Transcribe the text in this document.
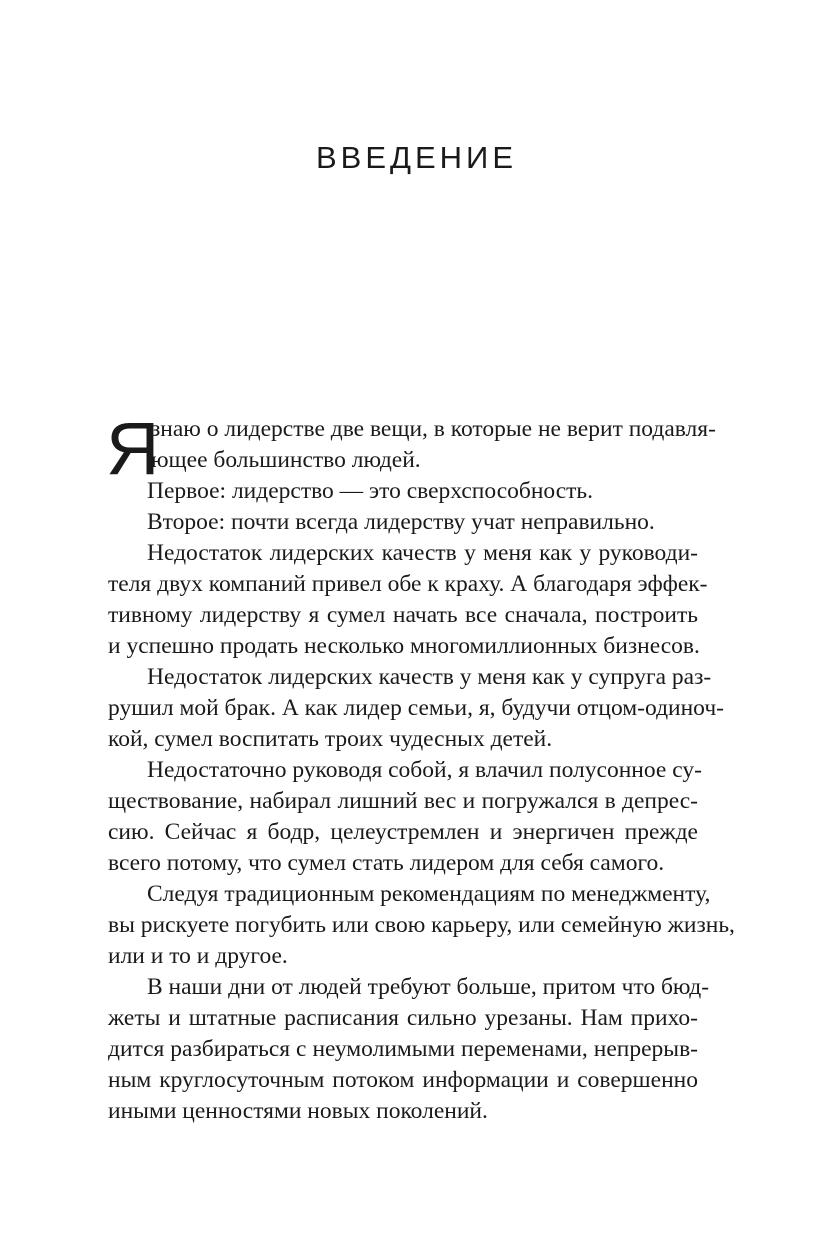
ВВЕДЕНИЕ
Я
знаю о лидерстве две вещи, в которые не верит подавля-
ющее большинство людей.
Первое: лидерство — это сверхспособность.
Второе: почти всегда лидерству учат неправильно.
Недостаток лидерских качеств у меня как у руководи-
теля двух компаний привел обе к краху. А благодаря эффек-
тивному лидерству я сумел начать все сначала, построить
и успешно продать несколько многомиллионных бизнесов.
Недостаток лидерских качеств у меня как у супруга раз-
рушил мой брак. А как лидер семьи, я, будучи отцом-одиноч-
кой, сумел воспитать троих чудесных детей.
Недостаточно руководя собой, я влачил полусонное су-
ществование, набирал лишний вес и погружался в депрес-
сию. Сейчас я бодр, целеустремлен и энергичен прежде
всего потому, что сумел стать лидером для себя самого.
Следуя традиционным рекомендациям по менеджменту,
вы рискуете погубить или свою карьеру, или семейную жизнь,
или и то и другое.
В наши дни от людей требуют больше, притом что бюд-
жеты и штатные расписания сильно урезаны. Нам прихо-
дится разбираться с неумолимыми переменами, непрерыв-
ным круглосуточным потоком информации и совершенно
иными ценностями новых поколений.
